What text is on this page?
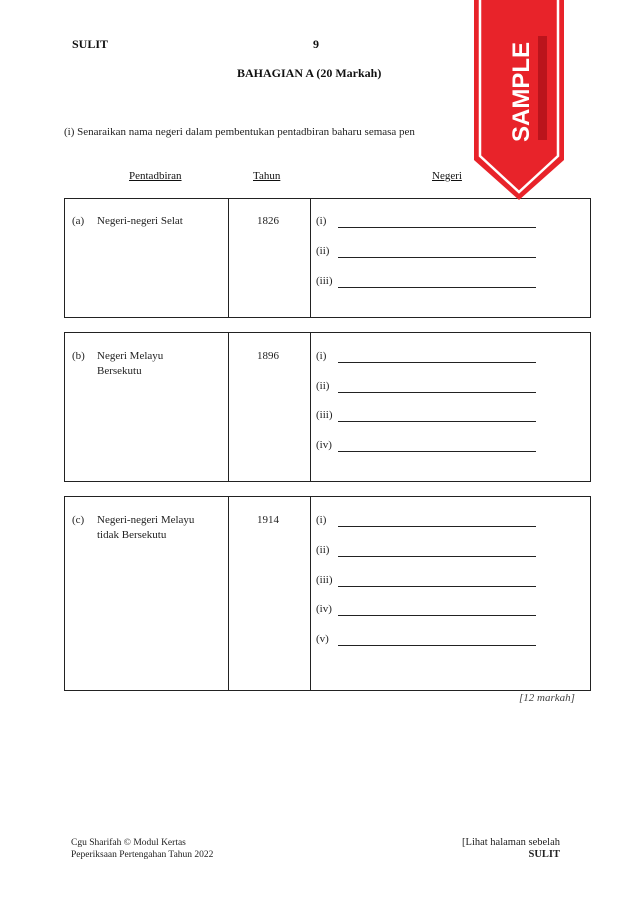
SULIT	9
BAHAGIAN A (20 Markah)
(i) Senaraikan nama negeri dalam pembentukan pentadbiran baharu semasa pen
Pentadbiran	Tahun	Negeri
(a) Negeri-negeri Selat	1826	(i)
(ii)
(iii)
(b) Negeri Melayu
Bersekutu
1896	(i)
(ii)
(iii)
(iv)
(c) Negeri-negeri Melayu
tidak Bersekutu
1914	(i)
(ii)
(iii)
(iv)
(v)
[12 markah]
Cgu Sharifah © Modul Kertas
Peperiksaan Pertengahan Tahun 2022
[Lihat halaman sebelah
SULIT
SAMPLE
